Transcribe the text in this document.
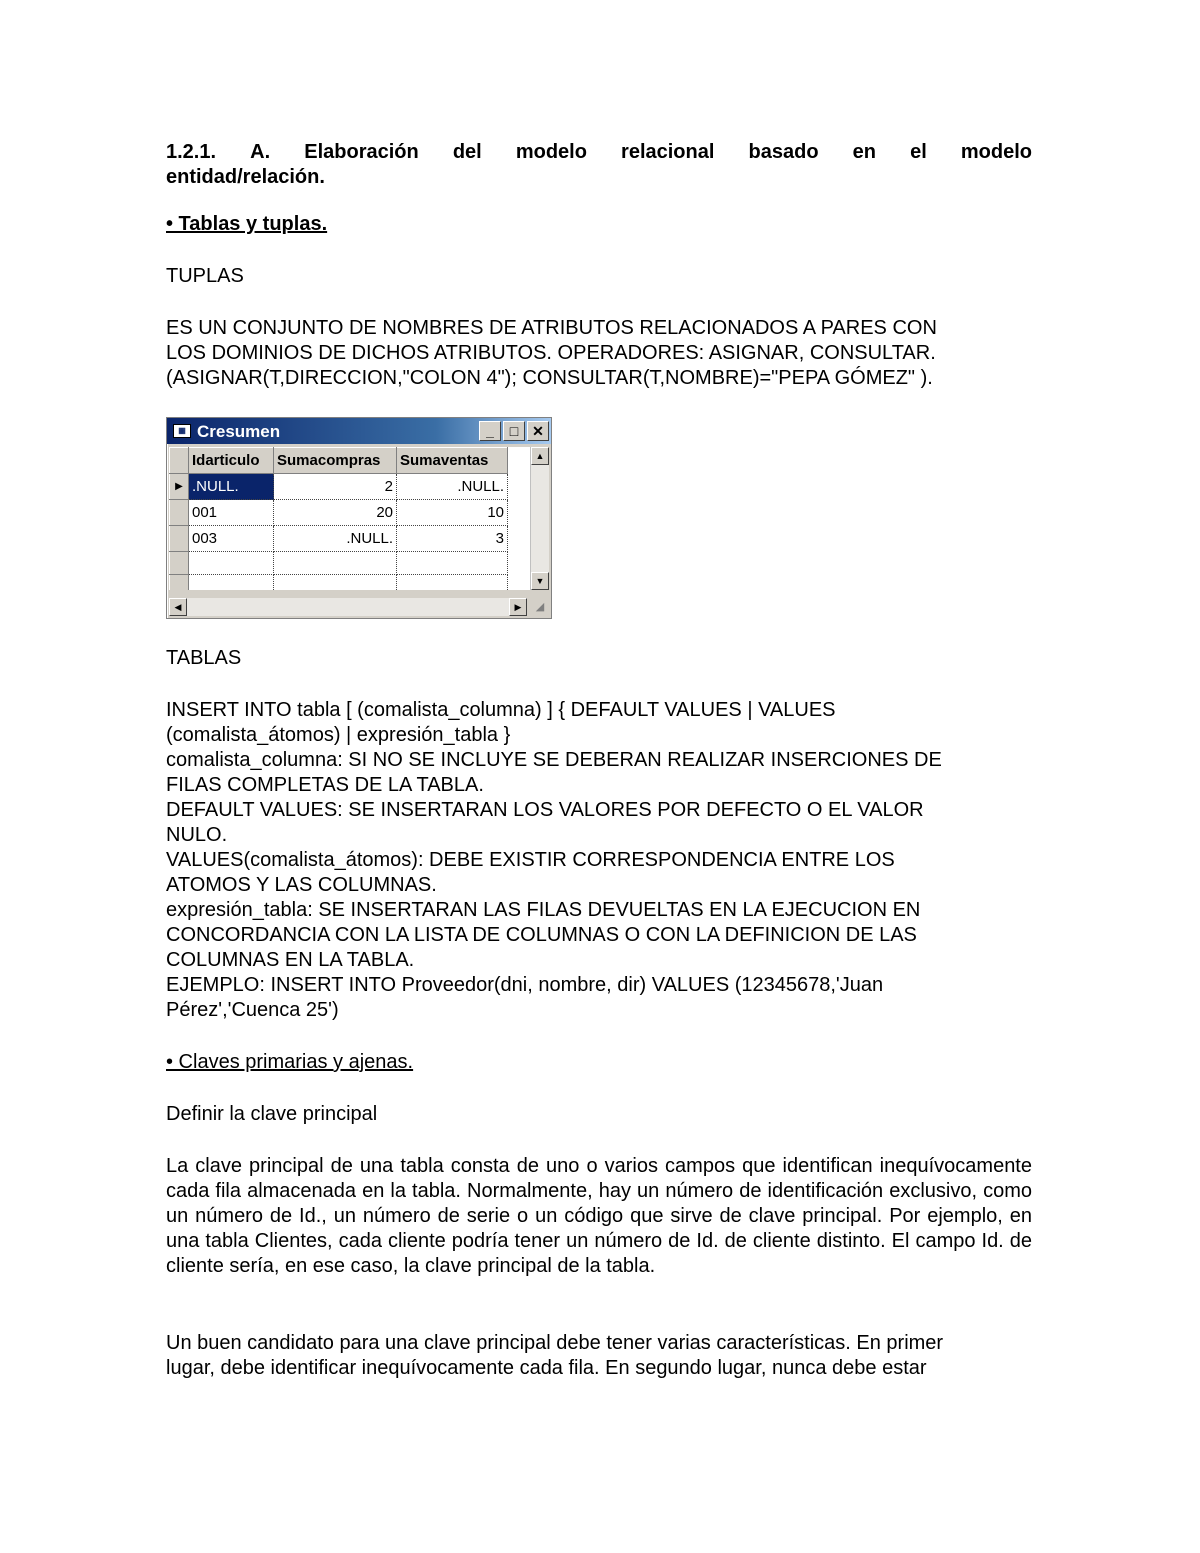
1.2.1. A. Elaboración del modelo relacional basado en el modelo
entidad/relación.

• Tablas y tuplas.

TUPLAS

ES UN CONJUNTO DE NOMBRES DE ATRIBUTOS RELACIONADOS A PARES CON

LOS DOMINIOS DE DICHOS ATRIBUTOS. OPERADORES: ASIGNAR, CONSULTAR.

(ASIGNAR(T,DIRECCION,"COLON 4"); CONSULTAR(T,NOMBRE)="PEPA GÓMEZ" ).

▦ Cresumen	_	□ ✕
	Idarticulo	Sumacompras	Sumaventas
▶	.NULL.	2	.NULL.
	001	20	10
	003	.NULL.	3

▲
▼
◀	▶	◢

TABLAS

INSERT INTO tabla [ (comalista_columna) ] { DEFAULT VALUES | VALUES

(comalista_átomos) | expresión_tabla }

comalista_columna: SI NO SE INCLUYE SE DEBERAN REALIZAR INSERCIONES DE

FILAS COMPLETAS DE LA TABLA.

DEFAULT VALUES: SE INSERTARAN LOS VALORES POR DEFECTO O EL VALOR

NULO.

VALUES(comalista_átomos): DEBE EXISTIR CORRESPONDENCIA ENTRE LOS

ATOMOS Y LAS COLUMNAS.

expresión_tabla: SE INSERTARAN LAS FILAS DEVUELTAS EN LA EJECUCION EN

CONCORDANCIA CON LA LISTA DE COLUMNAS O CON LA DEFINICION DE LAS

COLUMNAS EN LA TABLA.

EJEMPLO: INSERT INTO Proveedor(dni, nombre, dir) VALUES (12345678,'Juan

Pérez','Cuenca 25')

• Claves primarias y ajenas.

Definir la clave principal

La clave principal de una tabla consta de uno o varios campos que identifican inequívocamente cada fila almacenada en la tabla. Normalmente, hay un número de identificación exclusivo, como un número de Id., un número de serie o un código que sirve de clave principal. Por ejemplo, en una tabla Clientes, cada cliente podría tener un número de Id. de cliente distinto. El campo Id. de cliente sería, en ese caso, la clave principal de la tabla.

Un buen candidato para una clave principal debe tener varias características. En primer

lugar, debe identificar inequívocamente cada fila. En segundo lugar, nunca debe estar
